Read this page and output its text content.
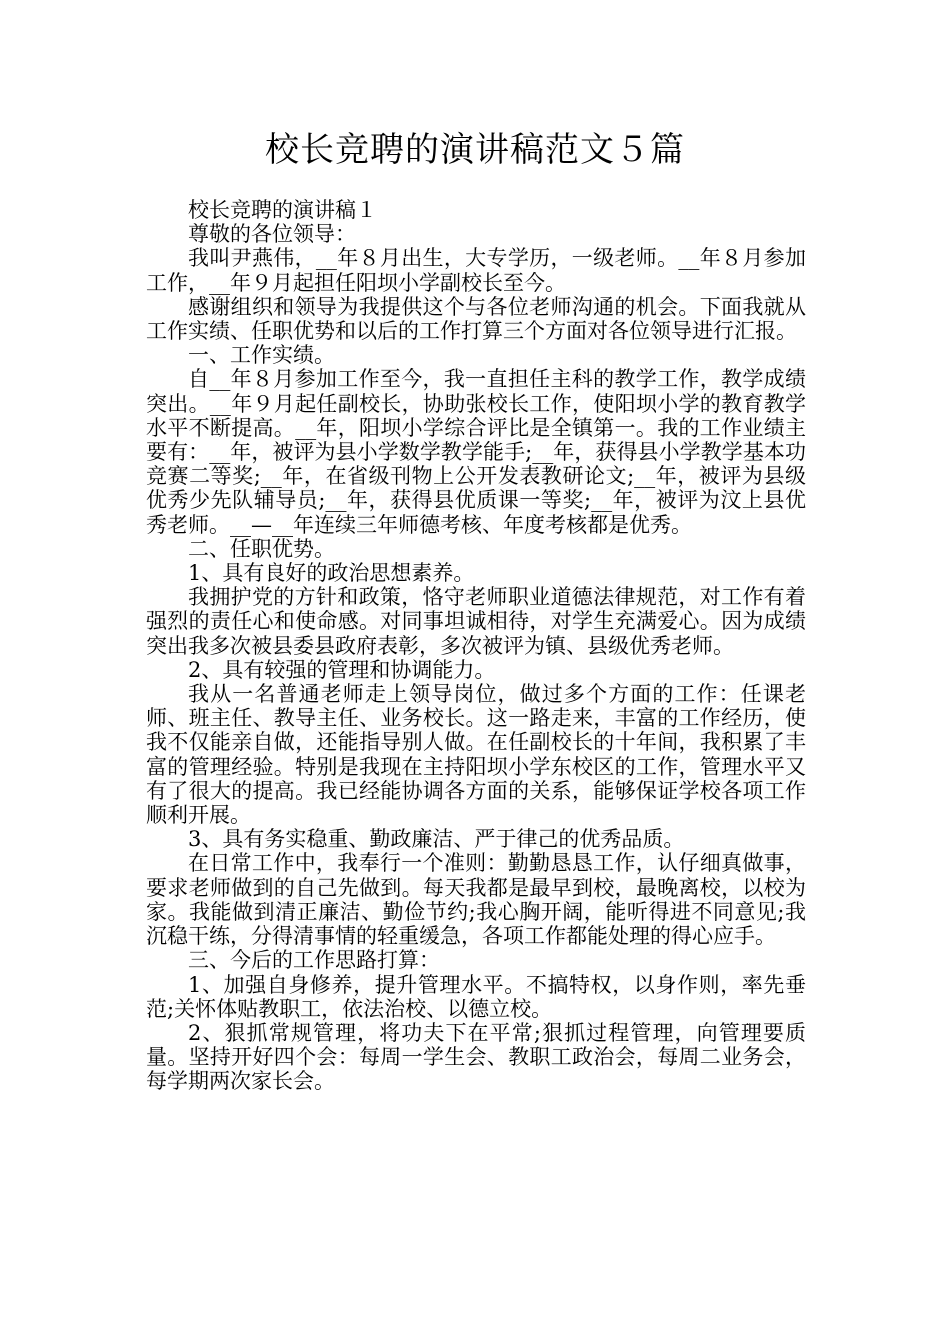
校长竞聘的演讲稿范文５篇

校长竞聘的演讲稿１

尊敬的各位领导：

我叫尹燕伟，__年８月出生，大专学历，一级老师。__年８月参加工作，__年９月起担任阳坝小学副校长至今。

感谢组织和领导为我提供这个与各位老师沟通的机会。下面我就从工作实绩、任职优势和以后的工作打算三个方面对各位领导进行汇报。

一、工作实绩。

自__年８月参加工作至今，我一直担任主科的教学工作，教学成绩突出。__年９月起任副校长，协助张校长工作，使阳坝小学的教育教学水平不断提高。__年，阳坝小学综合评比是全镇第一。我的工作业绩主要有：__年，被评为县小学数学教学能手;__年，获得县小学教学基本功竞赛二等奖;__年，在省级刊物上公开发表教研论文;__年，被评为县级优秀少先队辅导员;__年，获得县优质课一等奖;__年，被评为汶上县优秀老师。__—__年连续三年师德考核、年度考核都是优秀。

二、任职优势。

1、具有良好的政治思想素养。

我拥护党的方针和政策，恪守老师职业道德法律规范，对工作有着强烈的责任心和使命感。对同事坦诚相待，对学生充满爱心。因为成绩突出我多次被县委县政府表彰，多次被评为镇、县级优秀老师。

2、具有较强的管理和协调能力。

我从一名普通老师走上领导岗位，做过多个方面的工作：任课老师、班主任、教导主任、业务校长。这一路走来，丰富的工作经历，使我不仅能亲自做，还能指导别人做。在任副校长的十年间，我积累了丰富的管理经验。特别是我现在主持阳坝小学东校区的工作，管理水平又有了很大的提高。我已经能协调各方面的关系，能够保证学校各项工作顺利开展。

3、具有务实稳重、勤政廉洁、严于律己的优秀品质。

在日常工作中，我奉行一个准则：勤勤恳恳工作，认仔细真做事，要求老师做到的自己先做到。每天我都是最早到校，最晚离校，以校为家。我能做到清正廉洁、勤俭节约;我心胸开阔，能听得进不同意见;我沉稳干练，分得清事情的轻重缓急，各项工作都能处理的得心应手。

三、今后的工作思路打算：

1、加强自身修养，提升管理水平。不搞特权，以身作则，率先垂范;关怀体贴教职工，依法治校、以德立校。

2、狠抓常规管理，将功夫下在平常;狠抓过程管理，向管理要质量。坚持开好四个会：每周一学生会、教职工政治会，每周二业务会，每学期两次家长会。
